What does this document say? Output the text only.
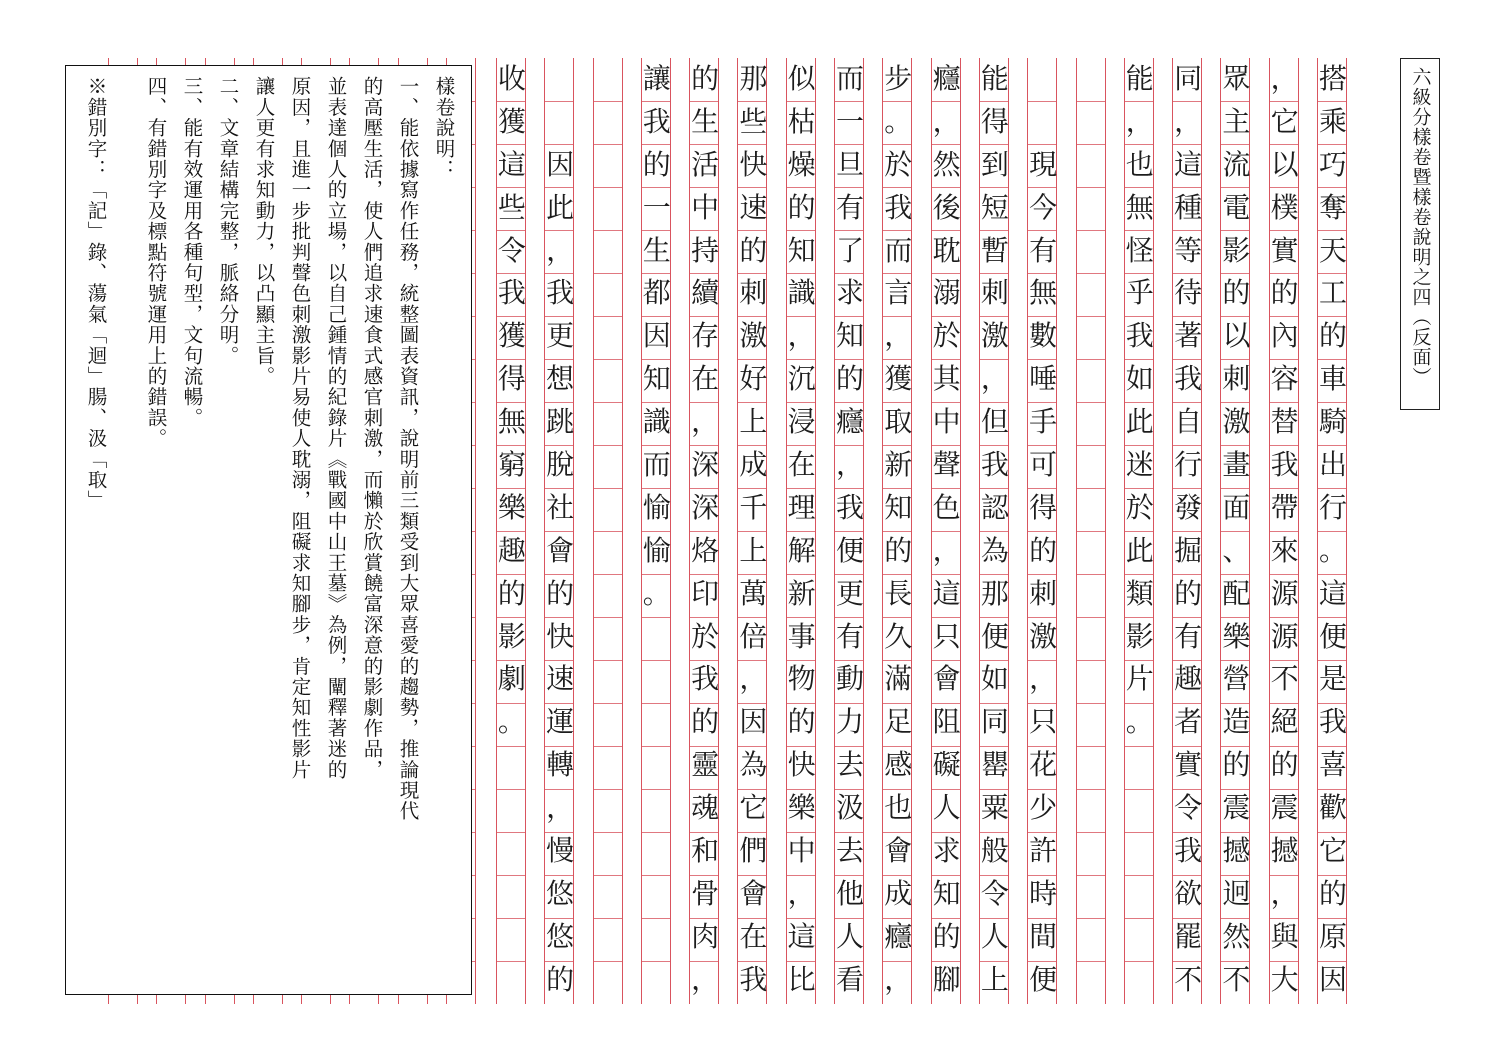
六級分樣卷暨樣卷說明之四（反面）
搭
乘
巧
奪
天
工
的
車
騎
出
行
。
這
便
是
我
喜
歡
它
的
原
因
，
它
以
樸
實
的
內
容
替
我
帶
來
源
源
不
絕
的
震
撼
，
與
大
眾
主
流
電
影
的
以
刺
激
畫
面
、
配
樂
營
造
的
震
撼
迥
然
不
同
，
這
種
等
待
著
我
自
行
發
掘
的
有
趣
者
實
令
我
欲
罷
不
能
，
也
無
怪
乎
我
如
此
迷
於
此
類
影
片
。
現
今
有
無
數
唾
手
可
得
的
刺
激
，
只
花
少
許
時
間
便
能
得
到
短
暫
刺
激
，
但
我
認
為
那
便
如
同
罌
粟
般
令
人
上
癮
，
然
後
耽
溺
於
其
中
聲
色
，
這
只
會
阻
礙
人
求
知
的
腳
步
。
於
我
而
言
，
獲
取
新
知
的
長
久
滿
足
感
也
會
成
癮
，
而
一
旦
有
了
求
知
的
癮
，
我
便
更
有
動
力
去
汲
去
他
人
看
似
枯
燥
的
知
識
，
沉
浸
在
理
解
新
事
物
的
快
樂
中
，
這
比
那
些
快
速
的
刺
激
好
上
成
千
上
萬
倍
，
因
為
它
們
會
在
我
的
生
活
中
持
續
存
在
，
深
深
烙
印
於
我
的
靈
魂
和
骨
肉
，
讓
我
的
一
生
都
因
知
識
而
愉
愉
。
因
此
，
我
更
想
跳
脫
社
會
的
快
速
運
轉
，
慢
悠
悠
的
收
獲
這
些
令
我
獲
得
無
窮
樂
趣
的
影
劇
。
樣卷說明：
一、能依據寫作任務，統整圖表資訊，說明前三類受到大眾喜愛的趨勢，推論現代
的高壓生活，使人們追求速食式感官刺激，而懶於欣賞饒富深意的影劇作品，
並表達個人的立場，以自己鍾情的紀錄片《戰國中山王墓》為例，闡釋著迷的
原因，且進一步批判聲色刺激影片易使人耽溺，阻礙求知腳步，肯定知性影片
讓人更有求知動力，以凸顯主旨。
二、文章結構完整，脈絡分明。
三、能有效運用各種句型，文句流暢。
四、有錯別字及標點符號運用上的錯誤。
※錯別字：「記」錄、蕩氣「迴」腸、汲「取」
